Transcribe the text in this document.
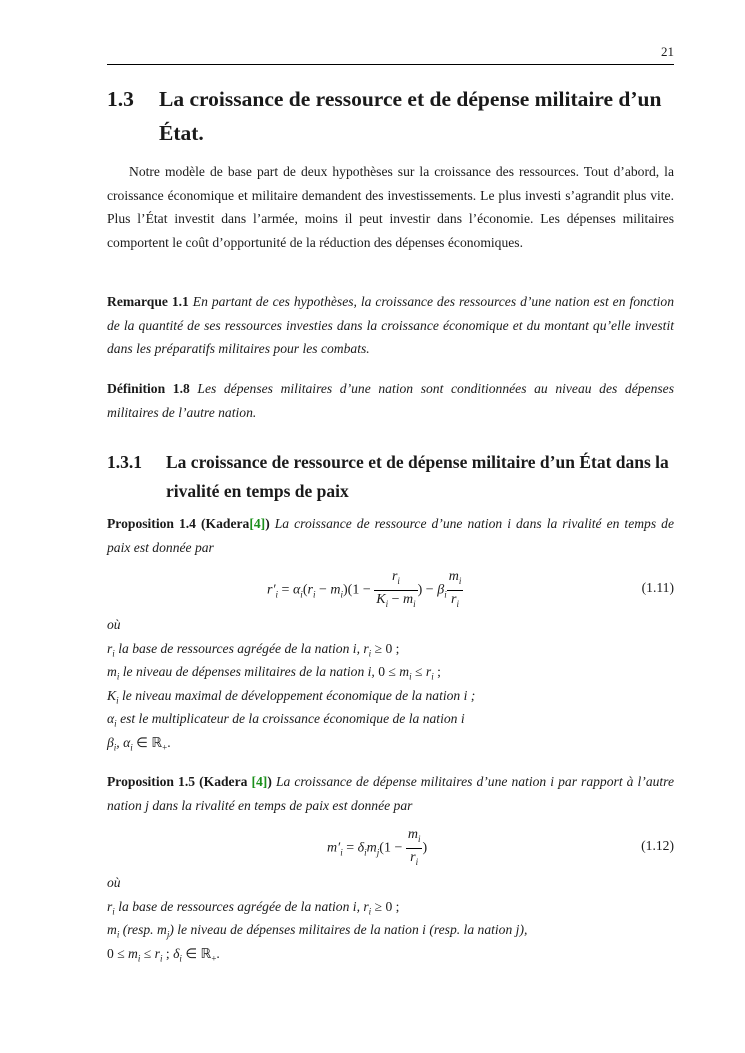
21
1.3 La croissance de ressource et de dépense militaire d’un État.
Notre modèle de base part de deux hypothèses sur la croissance des ressources. Tout d’abord, la croissance économique et militaire demandent des investissements. Le plus investi s’agrandit plus vite. Plus l’État investit dans l’armée, moins il peut investir dans l’économie. Les dépenses militaires comportent le coût d’opportunité de la réduction des dépenses économiques.
Remarque 1.1 En partant de ces hypothèses, la croissance des ressources d’une nation est en fonction de la quantité de ses ressources investies dans la croissance économique et du montant qu’elle investit dans les préparatifs militaires pour les combats.
Définition 1.8 Les dépenses militaires d’une nation sont conditionnées au niveau des dépenses militaires de l’autre nation.
1.3.1 La croissance de ressource et de dépense militaire d’un État dans la rivalité en temps de paix
Proposition 1.4 (Kadera[4]) La croissance de ressource d’une nation i dans la rivalité en temps de paix est donnée par
$r'_i = \alpha_i(r_i - m_i)(1 - \frac{r_i}{K_i - m_i}$ ) − $\beta_i \frac{m_i}{r_i}$	(1.11)
où
$r_i$ la base de ressources agrégée de la nation i, $r_i \ge 0$ ;
$m_i$ le niveau de dépenses militaires de la nation i, $0 \le m_i \le r_i$ ;
$K_i$ le niveau maximal de développement économique de la nation i ;
$\alpha_i$ est le multiplicateur de la croissance économique de la nation i
$\beta_i$, $\alpha_i$ ∈ ℝ$_+$.
Proposition 1.5 (Kadera [4]) La croissance de dépense militaires d’une nation i par rapport à l’autre nation j dans la rivalité en temps de paix est donnée par
$m'_i = \delta_im_j(1 - \frac{m_i}{r_i}$ )	(1.12)
où
$r_i$ la base de ressources agrégée de la nation i, $r_i \ge 0$ ;
$m_i$ (resp. $m_j$) le niveau de dépenses militaires de la nation i (resp. la nation j),
$0 \le m_i \le r_i$ ; $\delta_i$ ∈ ℝ$_+$.
